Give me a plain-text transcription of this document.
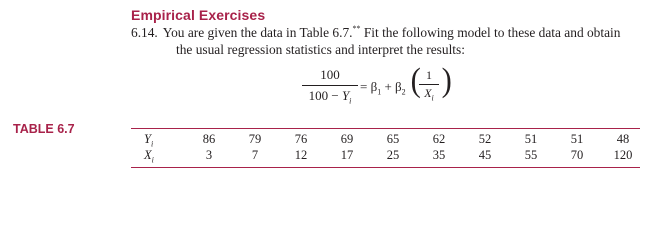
Empirical Exercises
6.14. You are given the data in Table 6.7.** Fit the following model to these data and obtain
the usual regression statistics and interpret the results:
100
$100 - Y_i$
= $\beta_1 + \beta_2$ ( 1
$X_i$ )
TABLE 6.7
$Y_i$	86	79	76	69	65	62	52	51	51	48
$X_i$	3	7	12	17	25	35	45	55	70	120
